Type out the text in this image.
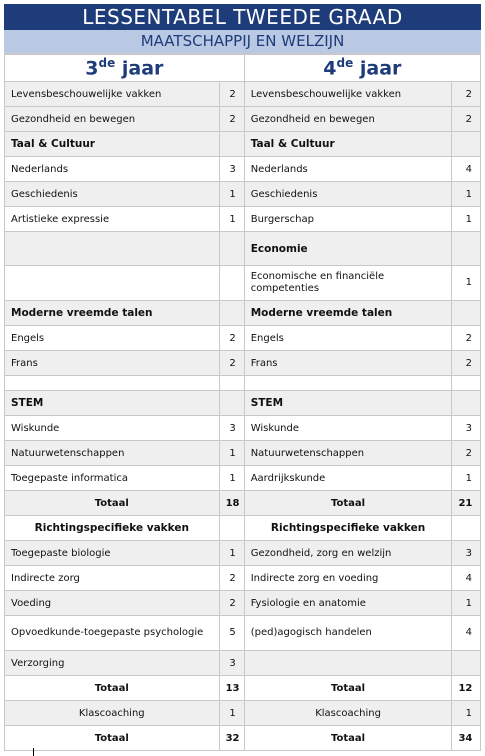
LESSENTABEL TWEEDE GRAAD
MAATSCHAPPIJ EN WELZIJN
3de jaar		4de jaar	
Levensbeschouwelijke vakken	2	Levensbeschouwelijke vakken	2
Gezondheid en bewegen	2	Gezondheid en bewegen	2
Taal & Cultuur		Taal & Cultuur	
Nederlands	3	Nederlands	4
Geschiedenis	1	Geschiedenis	1
Artistieke expressie	1	Burgerschap	1
		Economie	
		Economische en financiële competenties	1
Moderne vreemde talen		Moderne vreemde talen	
Engels	2	Engels	2
Frans	2	Frans	2

STEM		STEM	
Wiskunde	3	Wiskunde	3
Natuurwetenschappen	1	Natuurwetenschappen	2
Toegepaste informatica	1	Aardrijkskunde	1
Totaal	18	Totaal	21
Richtingspecifieke vakken		Richtingspecifieke vakken	
Toegepaste biologie	1	Gezondheid, zorg en welzijn	3
Indirecte zorg	2	Indirecte zorg en voeding	4
Voeding	2	Fysiologie en anatomie	1
Opvoedkunde-toegepaste psychologie	5	(ped)agogisch handelen	4
Verzorging	3		
Totaal	13	Totaal	12
Klascoaching	1	Klascoaching	1
Totaal	32	Totaal	34
